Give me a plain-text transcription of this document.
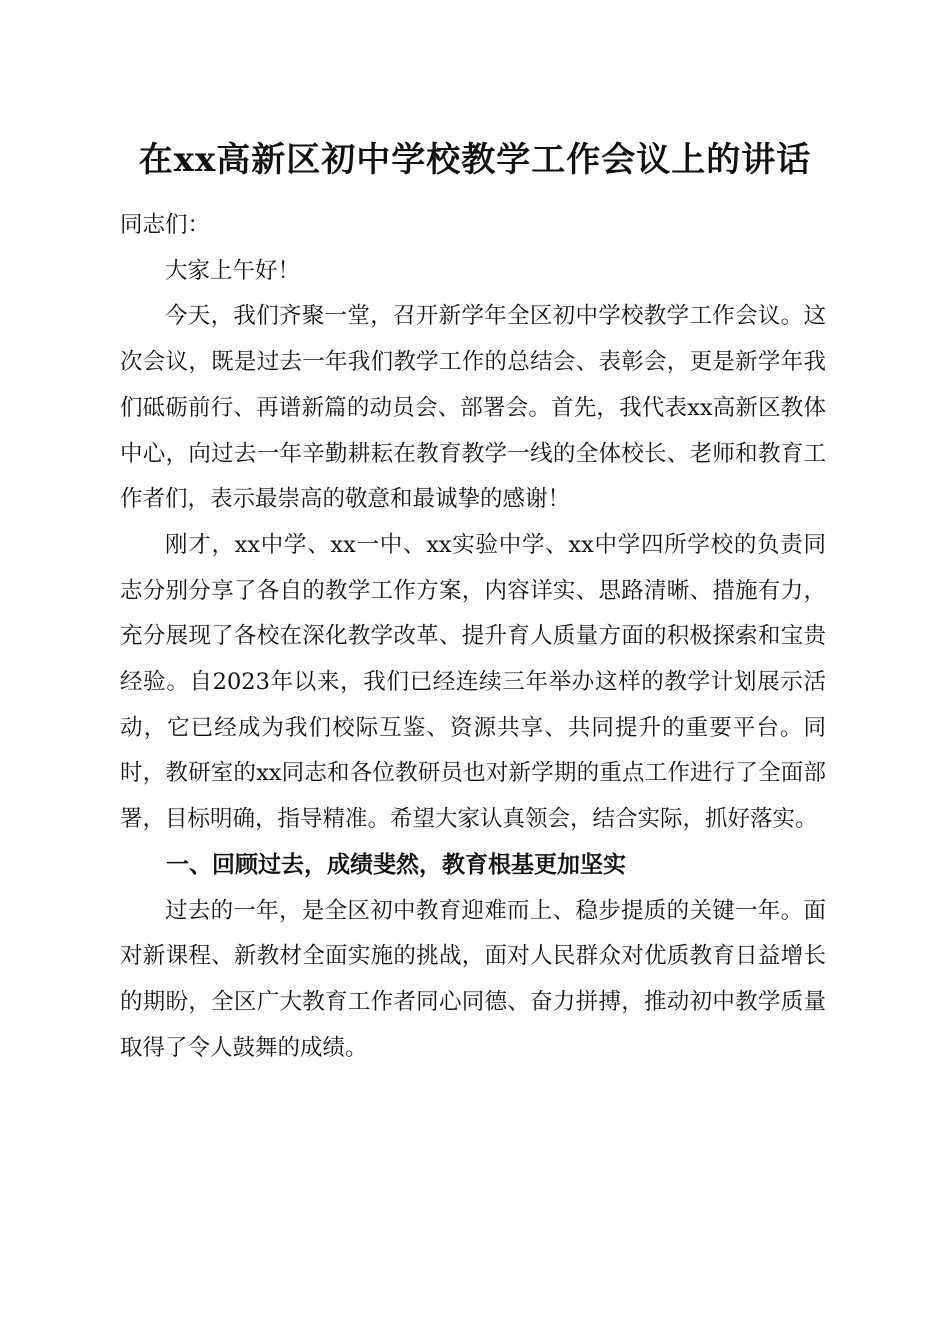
在xx高新区初中学校教学工作会议上的讲话

同志们：

大家上午好！

今天，我们齐聚一堂，召开新学年全区初中学校教学工作会议。这次会议，既是过去一年我们教学工作的总结会、表彰会，更是新学年我们砥砺前行、再谱新篇的动员会、部署会。首先，我代表xx高新区教体中心，向过去一年辛勤耕耘在教育教学一线的全体校长、老师和教育工作者们，表示最崇高的敬意和最诚挚的感谢！

刚才，xx中学、xx一中、xx实验中学、xx中学四所学校的负责同志分别分享了各自的教学工作方案，内容详实、思路清晰、措施有力，充分展现了各校在深化教学改革、提升育人质量方面的积极探索和宝贵经验。自2023年以来，我们已经连续三年举办这样的教学计划展示活动，它已经成为我们校际互鉴、资源共享、共同提升的重要平台。同时，教研室的xx同志和各位教研员也对新学期的重点工作进行了全面部署，目标明确，指导精准。希望大家认真领会，结合实际，抓好落实。

一、回顾过去，成绩斐然，教育根基更加坚实

过去的一年，是全区初中教育迎难而上、稳步提质的关键一年。面对新课程、新教材全面实施的挑战，面对人民群众对优质教育日益增长的期盼，全区广大教育工作者同心同德、奋力拼搏，推动初中教学质量取得了令人鼓舞的成绩。
